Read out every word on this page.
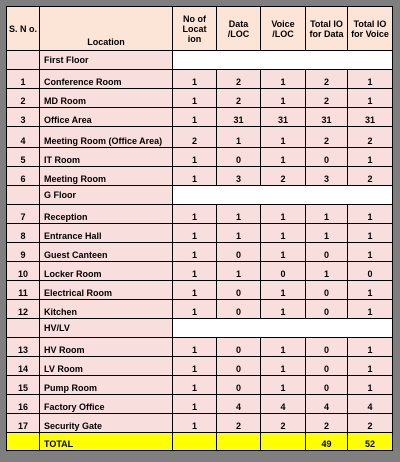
S. N o.	Location	No of Locat ion	Data /LOC	Voice /LOC	Total IO for Data	Total IO for Voice
	First Floor					
1	Conference Room	1	2	1	2	1
2	MD Room	1	2	1	2	1
3	Office Area	1	31	31	31	31
4	Meeting Room (Office Area)	2	1	1	2	2
5	IT Room	1	0	1	0	1
6	Meeting Room	1	3	2	3	2
	G Floor					
7	Reception	1	1	1	1	1
8	Entrance Hall	1	1	1	1	1
9	Guest Canteen	1	0	1	0	1
10	Locker Room	1	1	0	1	0
11	Electrical Room	1	0	1	0	1
12	Kitchen	1	0	1	0	1
	HV/LV					
13	HV Room	1	0	1	0	1
14	LV Room	1	0	1	0	1
15	Pump Room	1	0	1	0	1
16	Factory Office	1	4	4	4	4
17	Security Gate	1	2	2	2	2
	TOTAL				49	52
